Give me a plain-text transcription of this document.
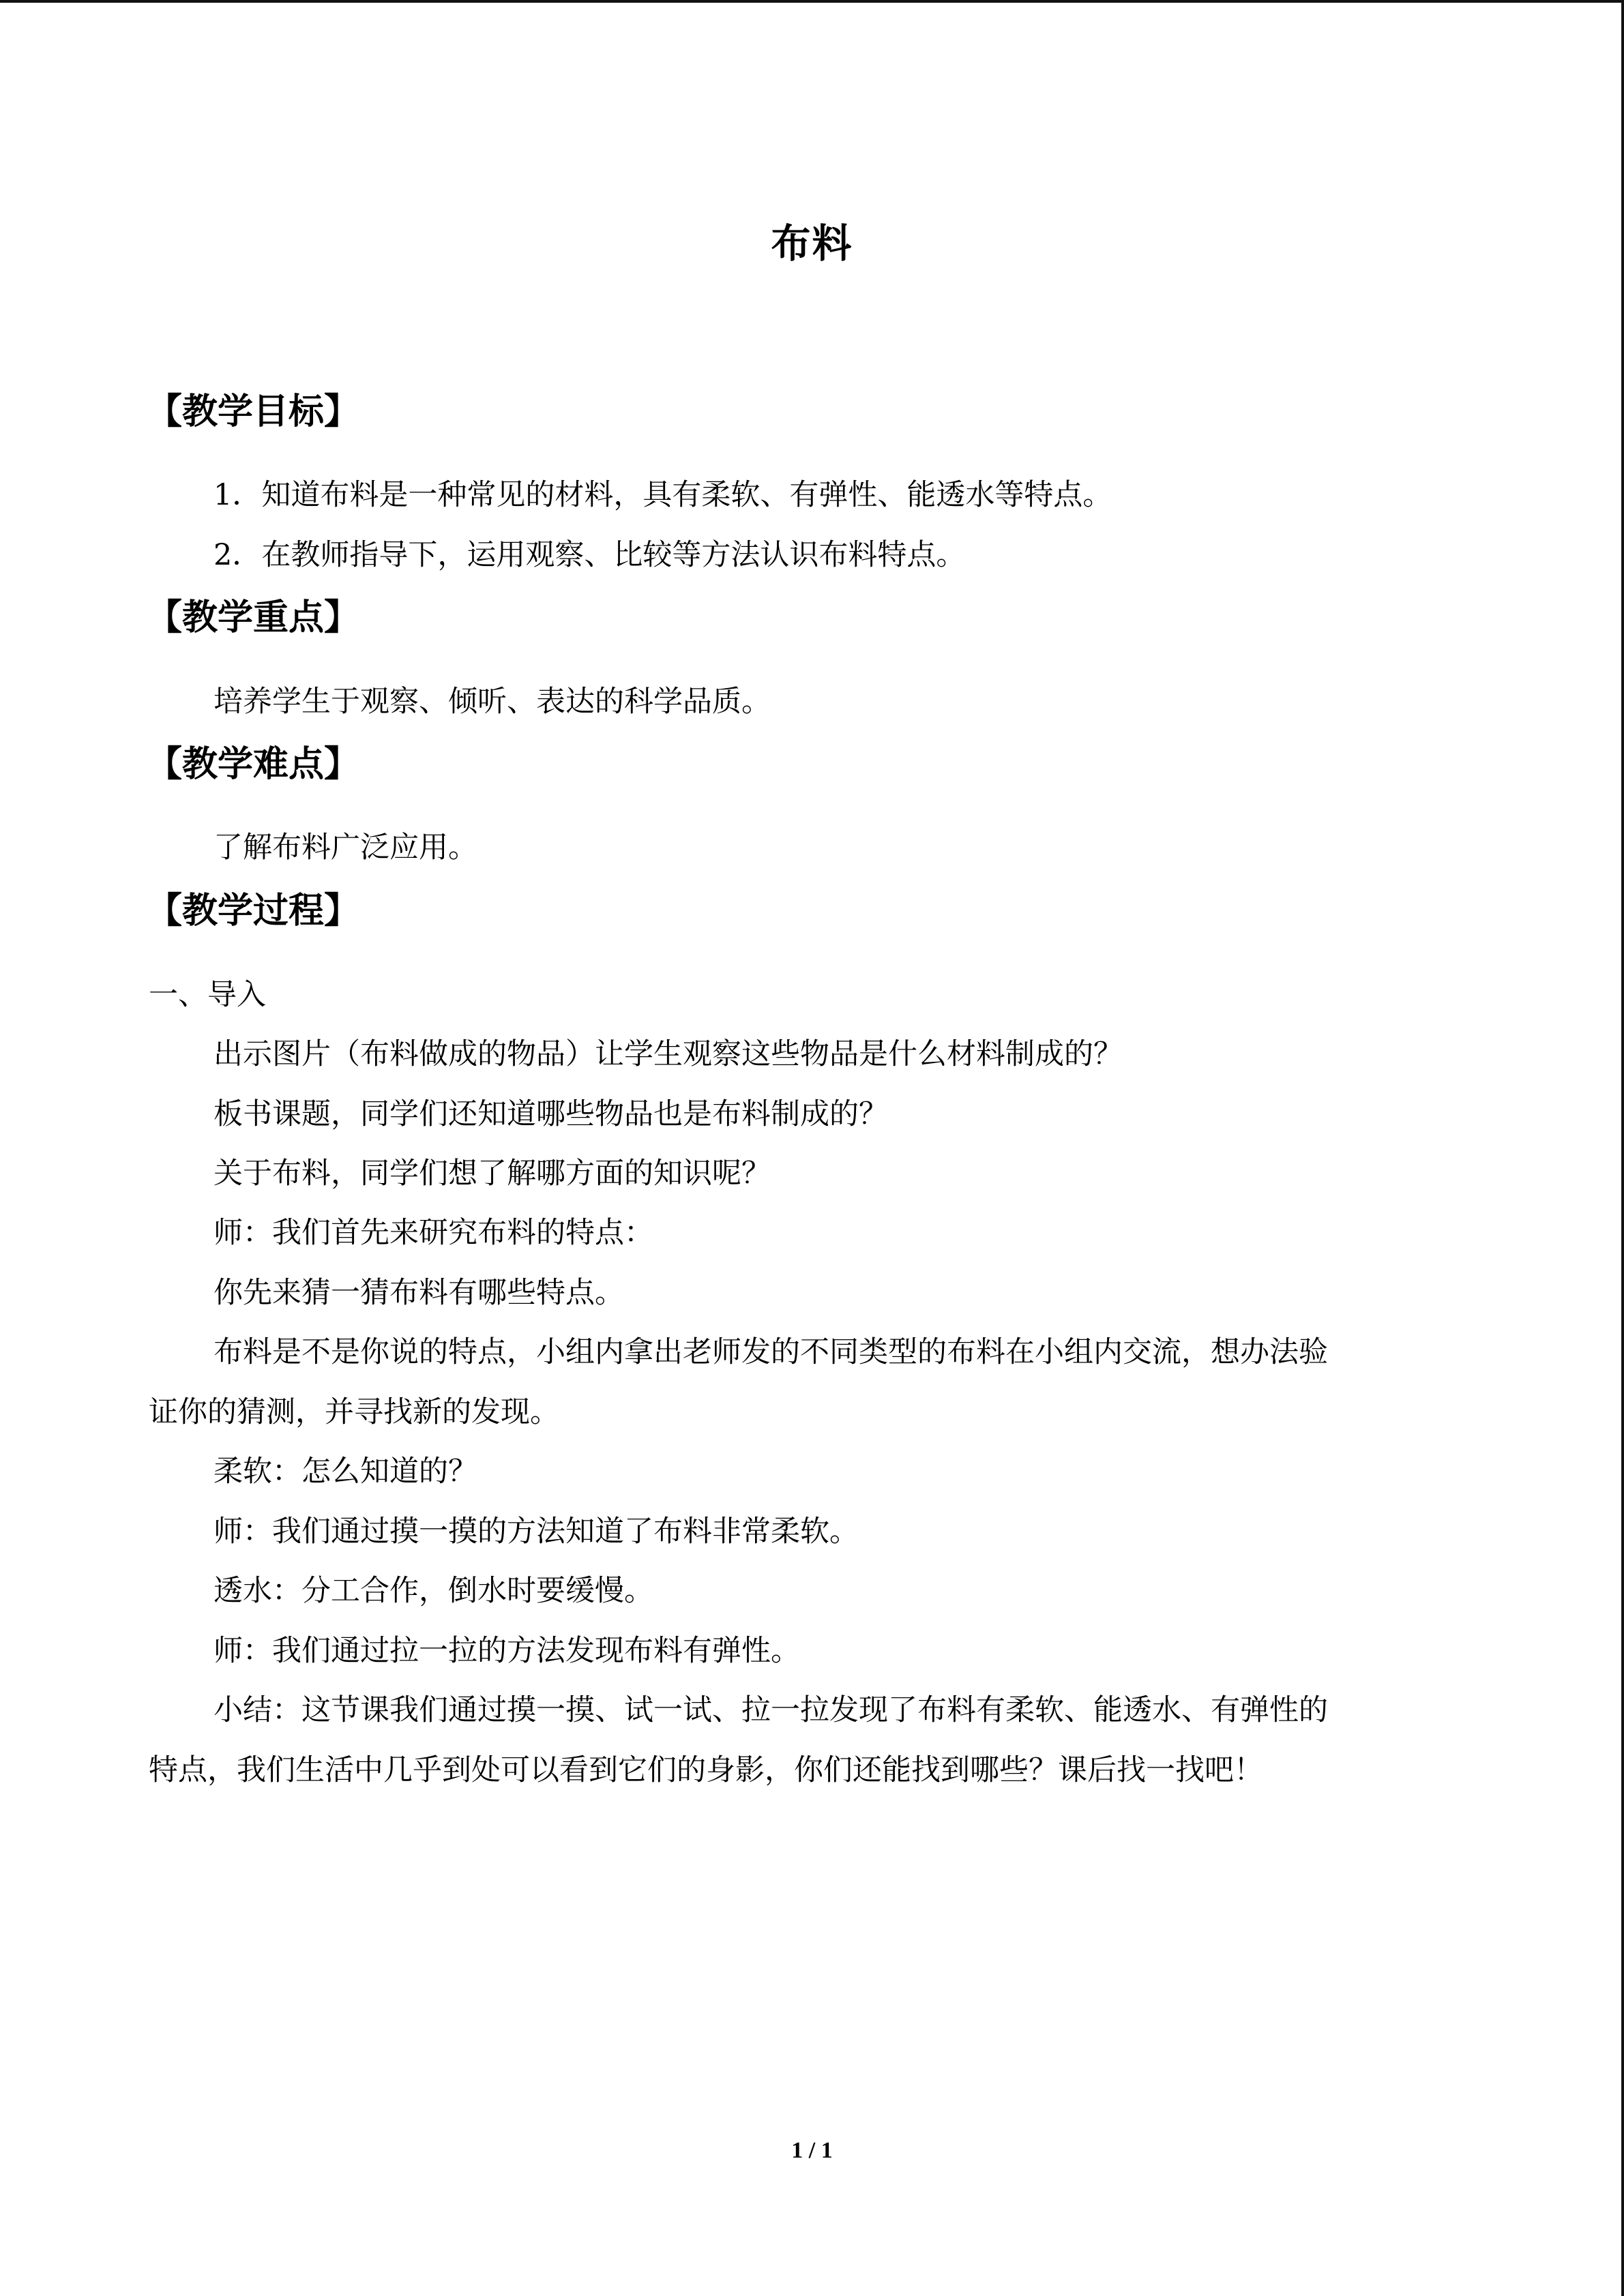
布料
【教学目标】
1．知道布料是一种常见的材料，具有柔软、有弹性、能透水等特点。
2．在教师指导下，运用观察、比较等方法认识布料特点。
【教学重点】
培养学生于观察、倾听、表达的科学品质。
【教学难点】
了解布料广泛应用。
【教学过程】
一、导入
出示图片（布料做成的物品）让学生观察这些物品是什么材料制成的？
板书课题，同学们还知道哪些物品也是布料制成的？
关于布料，同学们想了解哪方面的知识呢？
师：我们首先来研究布料的特点：
你先来猜一猜布料有哪些特点。
布料是不是你说的特点，小组内拿出老师发的不同类型的布料在小组内交流，想办法验
证你的猜测，并寻找新的发现。
柔软：怎么知道的？
师：我们通过摸一摸的方法知道了布料非常柔软。
透水：分工合作，倒水时要缓慢。
师：我们通过拉一拉的方法发现布料有弹性。
小结：这节课我们通过摸一摸、试一试、拉一拉发现了布料有柔软、能透水、有弹性的
特点，我们生活中几乎到处可以看到它们的身影，你们还能找到哪些？课后找一找吧！
1 / 1
